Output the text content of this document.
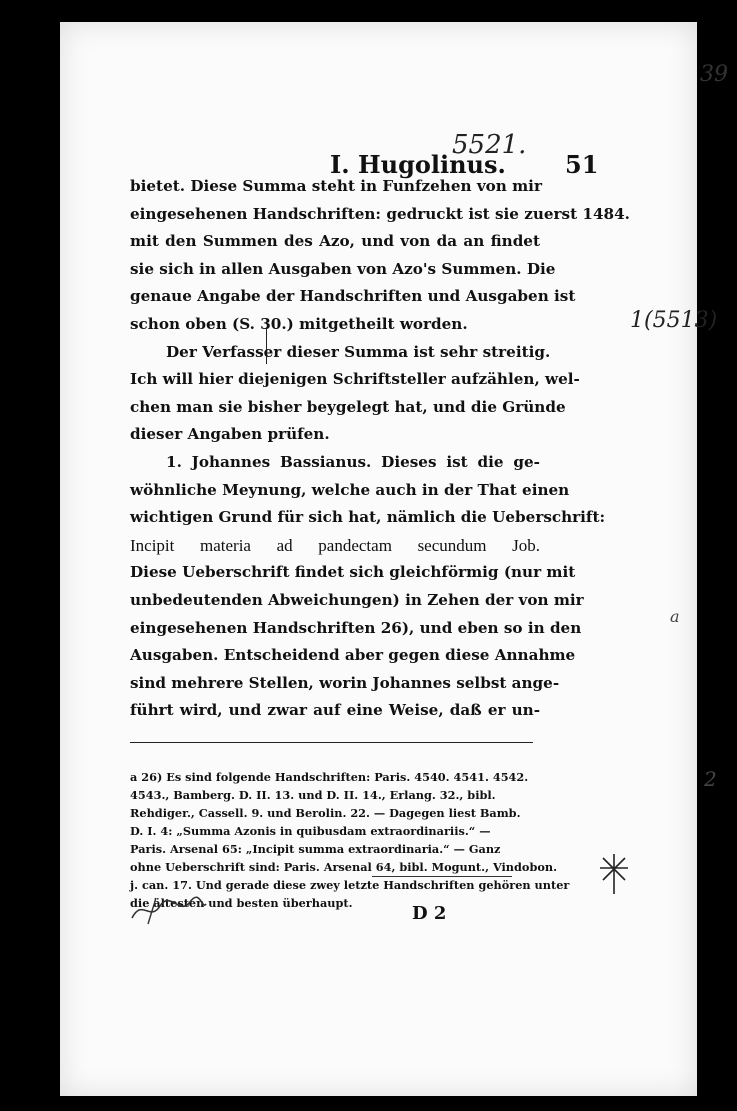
39
I. Hugolinus.
5521.
51
1(5513)
a
2
bietet. Diese Summa steht in Funfzehen von mir
eingesehenen Handschriften: gedruckt ist sie zuerst 1484.
mit den Summen des Azo, und von da an findet
sie sich in allen Ausgaben von Azo's Summen. Die
genaue Angabe der Handschriften und Ausgaben ist
schon oben (S. 30.) mitgetheilt worden.
Der Verfasser dieser Summa ist sehr streitig.
Ich will hier diejenigen Schriftsteller aufzählen, wel-
chen man sie bisher beygelegt hat, und die Gründe
dieser Angaben prüfen.
1. Johannes Bassianus. Dieses ist die ge-
wöhnliche Meynung, welche auch in der That einen
wichtigen Grund für sich hat, nämlich die Ueberschrift:
Incipit materia ad pandectam secundum Job.
Diese Ueberschrift findet sich gleichförmig (nur mit
unbedeutenden Abweichungen) in Zehen der von mir
eingesehenen Handschriften 26), und eben so in den
Ausgaben. Entscheidend aber gegen diese Annahme
sind mehrere Stellen, worin Johannes selbst ange-
führt wird, und zwar auf eine Weise, daß er un-
a 26) Es sind folgende Handschriften: Paris. 4540. 4541. 4542.
4543., Bamberg. D. II. 13. und D. II. 14., Erlang. 32., bibl.
Rehdiger., Cassell. 9. und Berolin. 22. — Dagegen liest Bamb.
D. I. 4: „Summa Azonis in quibusdam extraordinariis.“ —
Paris. Arsenal 65: „Incipit summa extraordinaria.“ — Ganz
ohne Ueberschrift sind: Paris. Arsenal 64, bibl. Mogunt., Vindobon.
j. can. 17. Und gerade diese zwey letzte Handschriften gehören unter
die ältesten und besten überhaupt.	D 2
